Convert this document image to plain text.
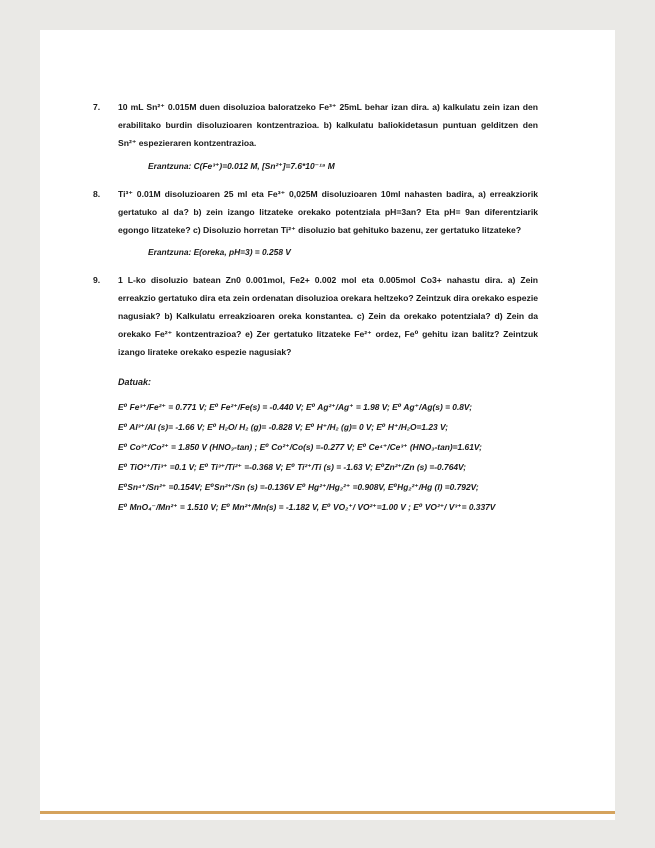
7. 10 mL Sn²⁺ 0.015M duen disoluzioa baloratzeko Fe³⁺ 25mL behar izan dira. a) kalkulatu zein izan den erabilitako burdin disoluzioaren kontzentrazioa. b) kalkulatu baliokidetasun puntuan gelditzen den Sn²⁺ espezieraren kontzentrazioa.

Erantzuna: C(Fe³⁺)=0.012 M, [Sn²⁺]=7.6*10⁻¹⁹ M

8. Ti³⁺ 0.01M disoluzioaren 25 ml eta Fe³⁺ 0,025M disoluzioaren 10ml nahasten badira, a) erreakziorik gertatuko al da? b) zein izango litzateke orekako potentziala pH=3an? Eta pH= 9an diferentziarik egongo litzateke? c) Disoluzio horretan Ti²⁺ disoluzio bat gehituko bazenu, zer gertatuko litzateke?

Erantzuna: E(oreka, pH=3) = 0.258 V

9. 1 L-ko disoluzio batean Zn0 0.001mol, Fe2+ 0.002 mol eta 0.005mol Co3+ nahastu dira. a) Zein erreakzio gertatuko dira eta zein ordenatan disoluzioa orekara heltzeko? Zeintzuk dira orekako espezie nagusiak? b) Kalkulatu erreakzioaren oreka konstantea. c) Zein da orekako potentziala? d) Zein da orekako Fe²⁺ kontzentrazioa? e) Zer gertatuko litzateke Fe²⁺ ordez, Fe⁰ gehitu izan balitz? Zeintzuk izango lirateke orekako espezie nagusiak?

Datuak:

E⁰ Fe³⁺/Fe²⁺ = 0.771 V; E⁰ Fe²⁺/Fe(s) = -0.440 V; E⁰ Ag²⁺/Ag⁺ = 1.98 V; E⁰ Ag⁺/Ag(s) = 0.8V; E⁰ Al³⁺/Al (s)= -1.66 V; E⁰ H₂O/ H₂ (g)= -0.828 V; E⁰ H⁺/H₂ (g)= 0 V; E⁰ H⁺/H₂O=1.23 V; E⁰ Co³⁺/Co²⁺ = 1.850 V (HNO₃-tan) ; E⁰ Co²⁺/Co(s) =-0.277 V; E⁰ Ce⁴⁺/Ce³⁺ (HNO₃-tan)=1.61V; E⁰ TiO²⁺/Ti³⁺ =0.1 V; E⁰ Ti³⁺/Ti²⁺ =-0.368 V; E⁰ Ti²⁺/Ti (s) = -1.63 V; E⁰Zn²⁺/Zn (s) =-0.764V; E⁰Sn⁴⁺/Sn²⁺ =0.154V; E⁰Sn²⁺/Sn (s) =-0.136V E⁰ Hg²⁺/Hg₂²⁺ =0.908V, E⁰Hg₂²⁺/Hg (l) =0.792V; E⁰ MnO₄⁻/Mn²⁺ = 1.510 V; E⁰ Mn²⁺/Mn(s) = -1.182 V, E⁰ VO₂⁺/ VO²⁺=1.00 V ; E⁰ VO²⁺/ V³⁺= 0.337V
